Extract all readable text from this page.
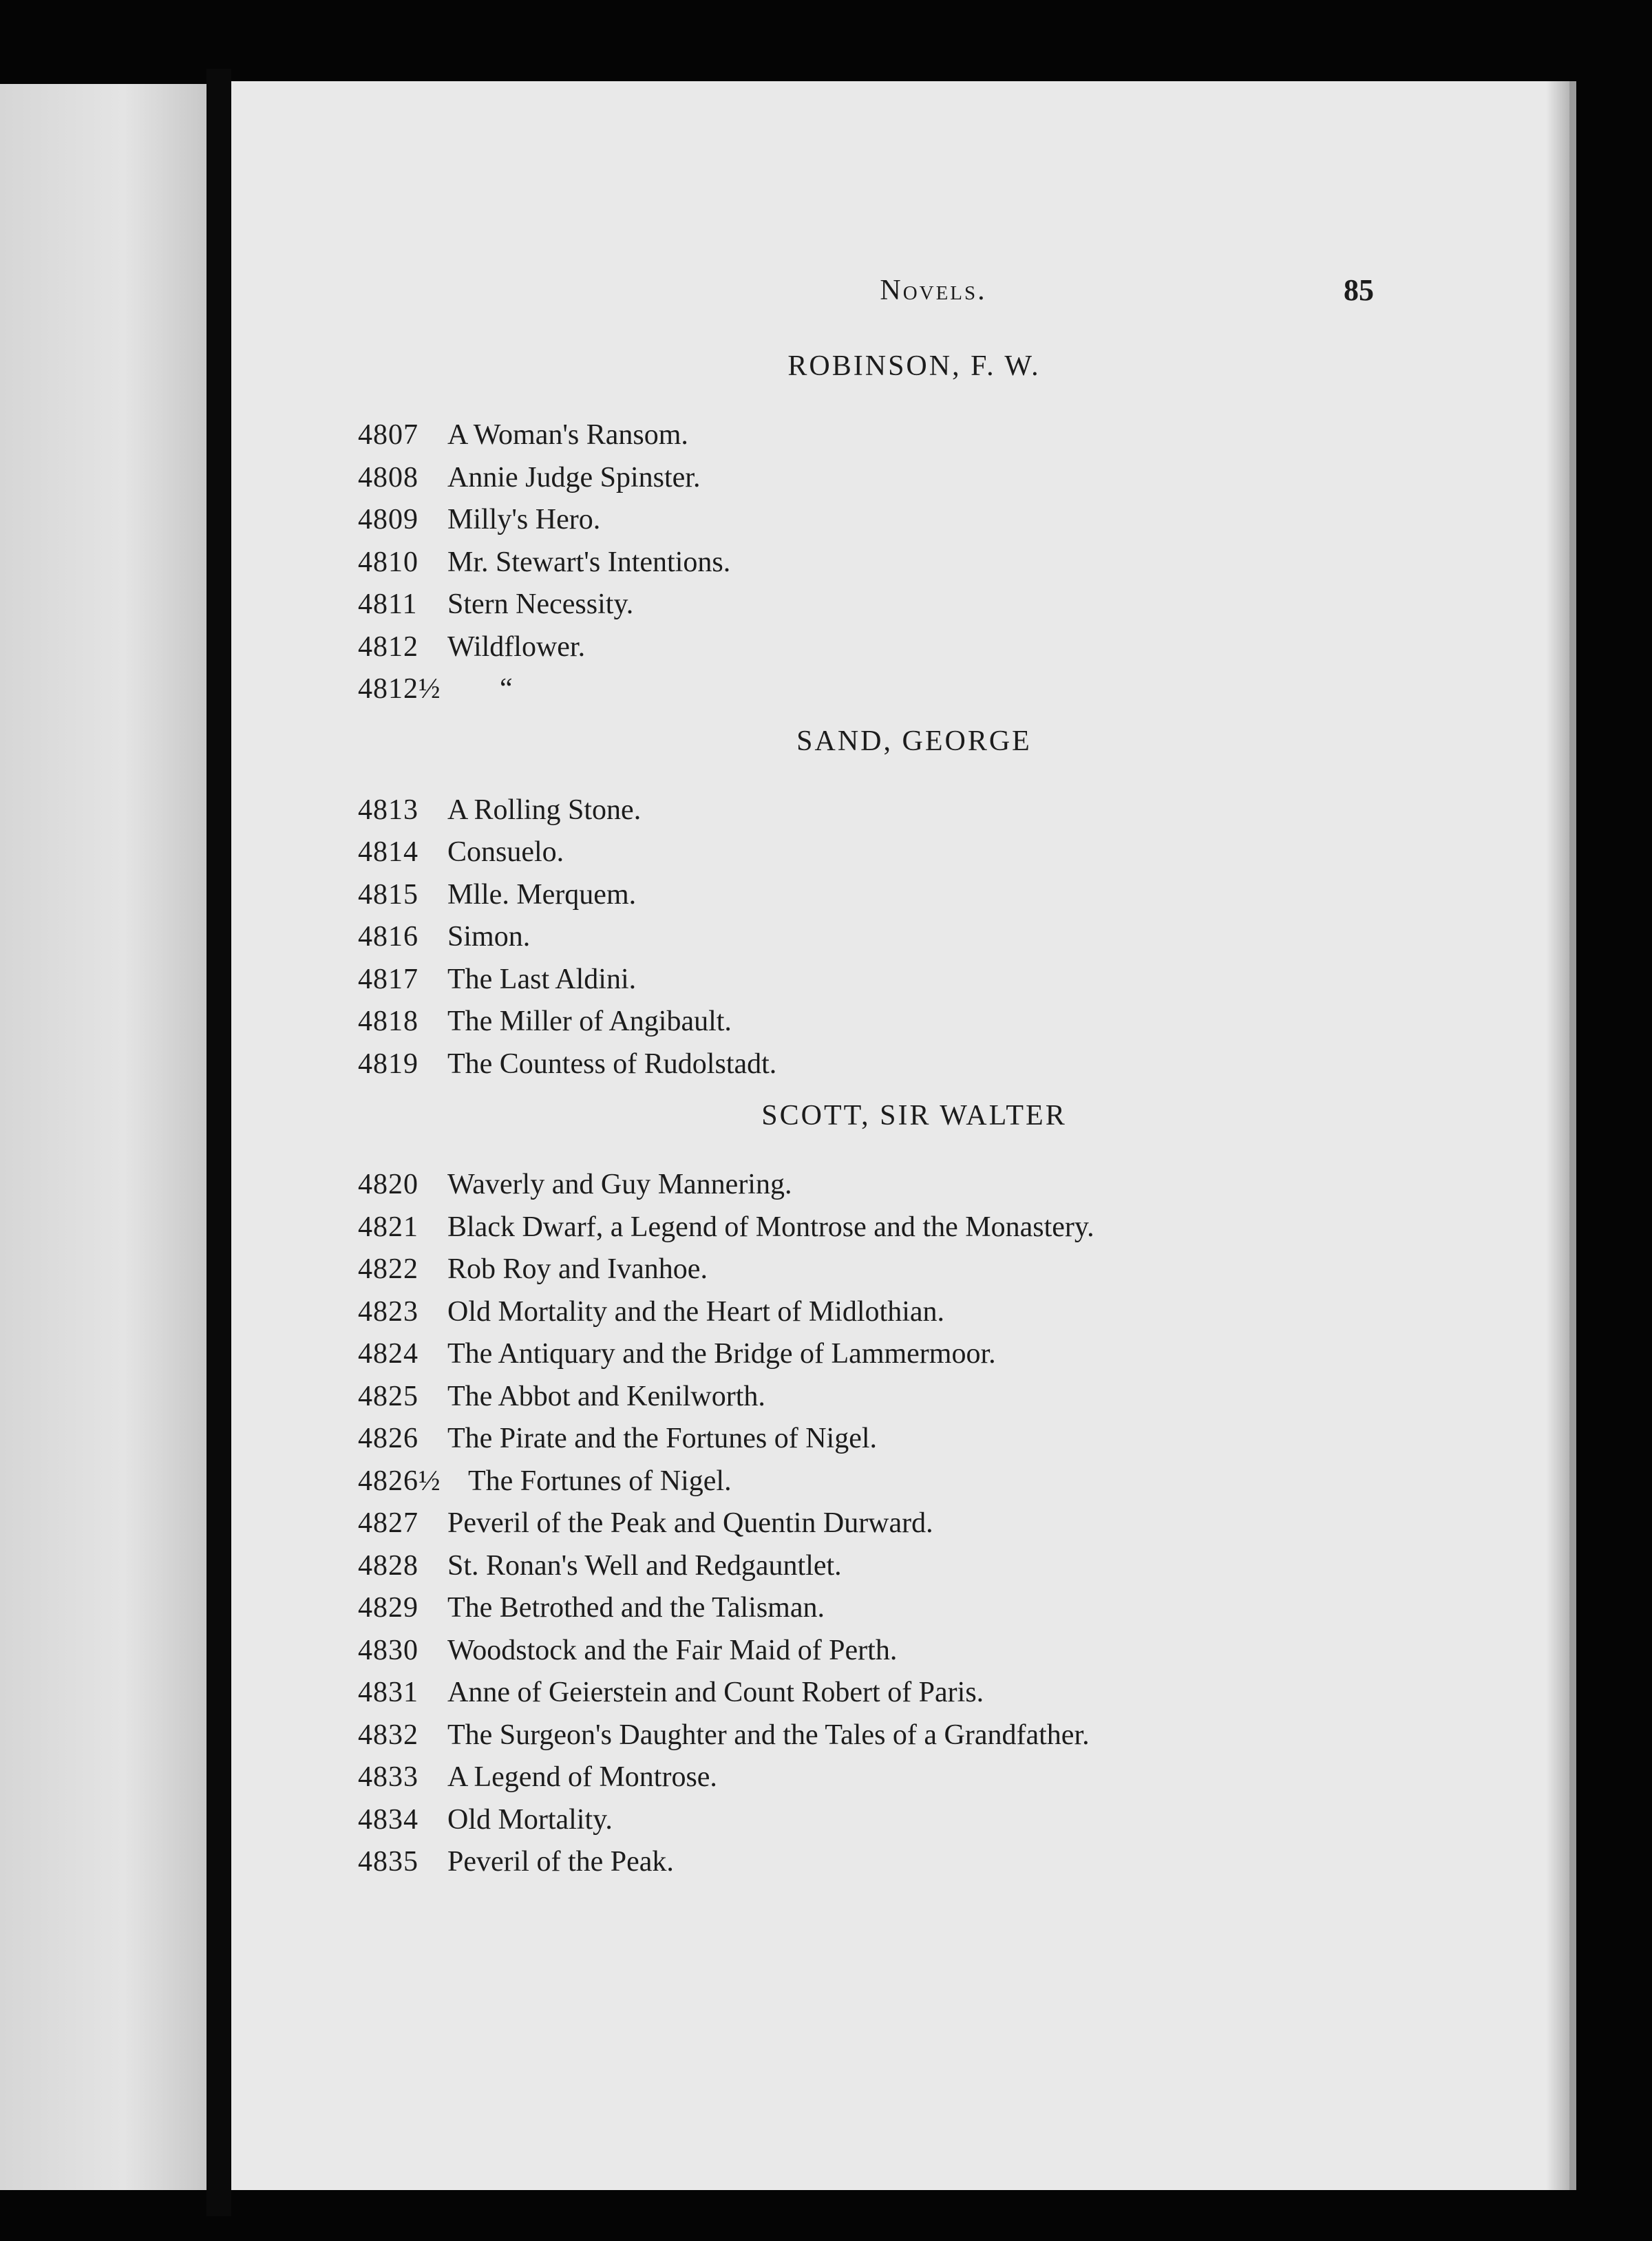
Novels.	85
ROBINSON, F. W.
4807	A Woman's Ransom.
4808	Annie Judge Spinster.
4809	Milly's Hero.
4810	Mr. Stewart's Intentions.
4811	Stern Necessity.
4812	Wildflower.
4812½	“
SAND, GEORGE
4813	A Rolling Stone.
4814	Consuelo.
4815	Mlle. Merquem.
4816	Simon.
4817	The Last Aldini.
4818	The Miller of Angibault.
4819	The Countess of Rudolstadt.
SCOTT, SIR WALTER
4820	Waverly and Guy Mannering.
4821	Black Dwarf, a Legend of Montrose and the Monastery.
4822	Rob Roy and Ivanhoe.
4823	Old Mortality and the Heart of Midlothian.
4824	The Antiquary and the Bridge of Lammermoor.
4825	The Abbot and Kenilworth.
4826	The Pirate and the Fortunes of Nigel.
4826½ The Fortunes of Nigel.
4827	Peveril of the Peak and Quentin Durward.
4828	St. Ronan's Well and Redgauntlet.
4829	The Betrothed and the Talisman.
4830	Woodstock and the Fair Maid of Perth.
4831	Anne of Geierstein and Count Robert of Paris.
4832	The Surgeon's Daughter and the Tales of a Grandfather.
4833	A Legend of Montrose.
4834	Old Mortality.
4835	Peveril of the Peak.
